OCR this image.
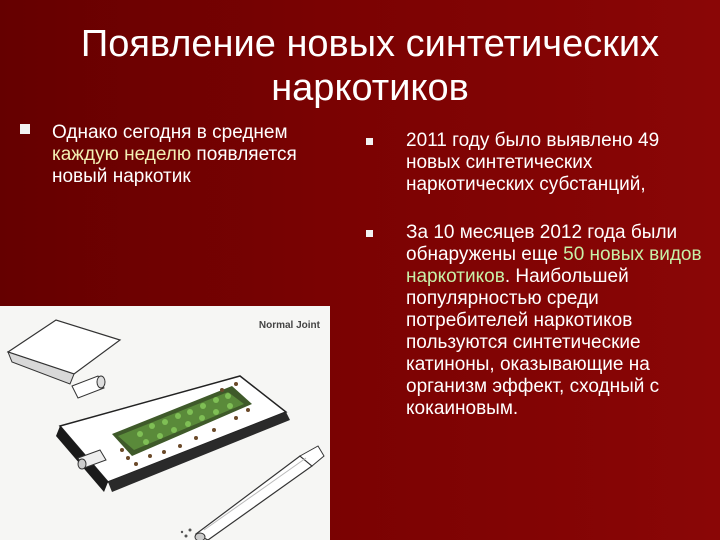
Появление новых синтетических наркотиков
Однако сегодня в среднем каждую неделю появляется новый наркотик
2011 году было выявлено 49 новых синтетических наркотических субстанций,
За 10 месяцев 2012 года были обнаружены еще 50 новых видов наркотиков. Наибольшей популярностью среди потребителей наркотиков пользуются синтетические катиноны, оказывающие на организм эффект, сходный с кокаиновым.
Normal Joint
